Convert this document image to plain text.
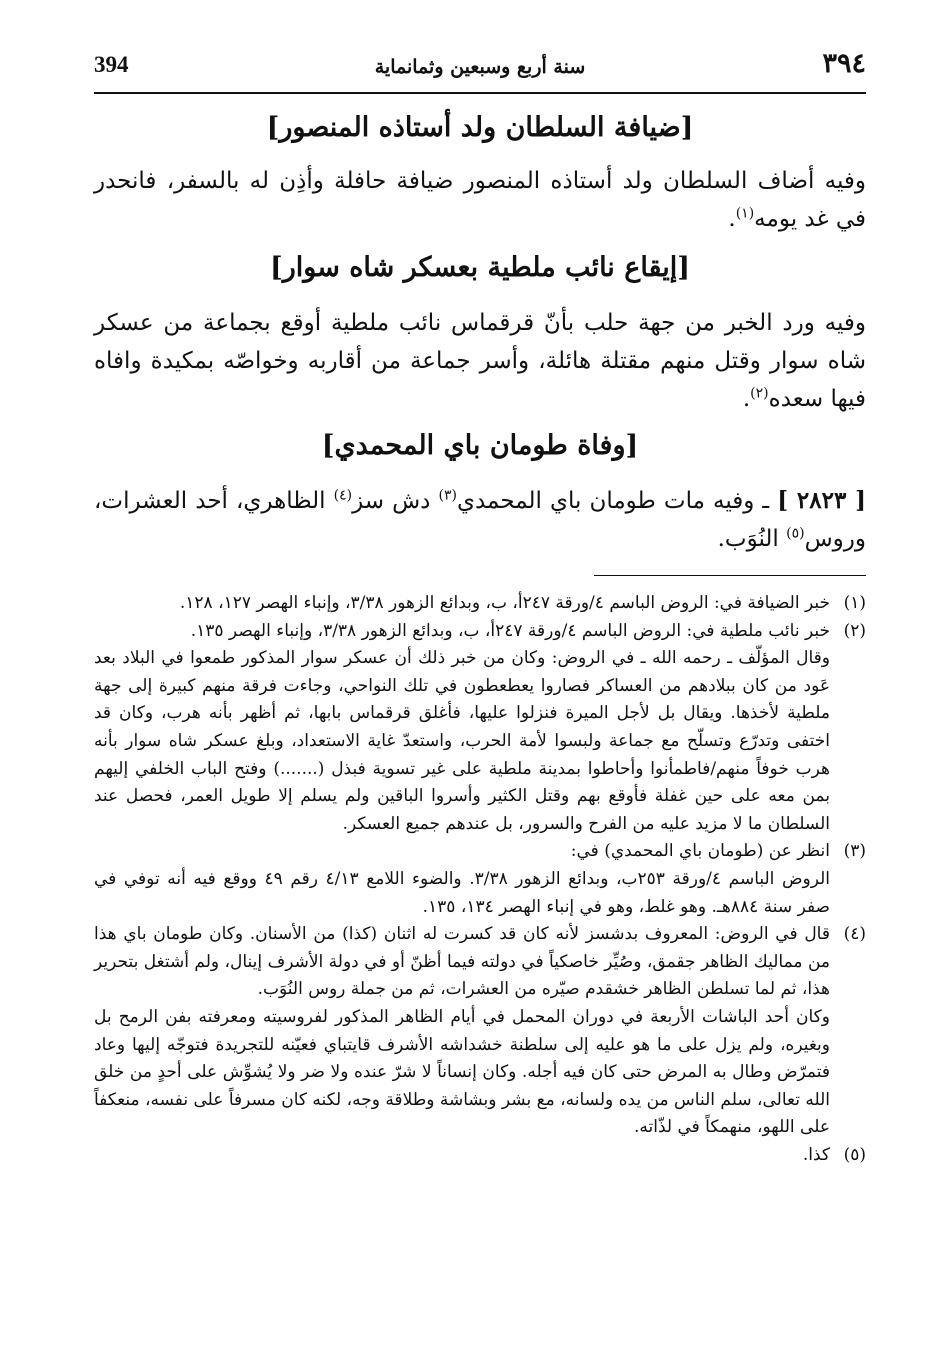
394	سنة أربع وسبعين وثمانماية	٣٩٤
[ضيافة السلطان ولد أستاذه المنصور]

وفيه أضاف السلطان ولد أستاذه المنصور ضيافة حافلة وأذِن له بالسفر، فانحدر في غد يومه$^{(١)}$.

[إيقاع نائب ملطية بعسكر شاه سوار]

وفيه ورد الخبر من جهة حلب بأنّ قرقماس نائب ملطية أوقع بجماعة من عسكر شاه سوار وقتل منهم مقتلة هائلة، وأسر جماعة من أقاربه وخواصّه بمكيدة وافاه فيها سعده$^{(٢)}$.

[وفاة طومان باي المحمدي]

[ ٢٨٢٣ ] ـ وفيه مات طومان باي المحمدي$^{(٣)}$ دش سز$^{(٤)}$ الظاهري، أحد العشرات، وروس$^{(٥)}$ النُوَب.

(١)

خبر الضيافة في: الروض الباسم ٤/ورقة ٢٤٧أ، ب، وبدائع الزهور ٣/٣٨، وإنباء الهصر ١٢٧، ١٢٨.

(٢)

خبر نائب ملطية في: الروض الباسم ٤/ورقة ٢٤٧أ، ب، وبدائع الزهور ٣/٣٨، وإنباء الهصر ١٣٥.

وقال المؤلّف ـ رحمه الله ـ في الروض: وكان من خبر ذلك أن عسكر سوار المذكور طمعوا في البلاد بعد عَود من كان ببلادهم من العساكر فصاروا يعطعطون في تلك النواحي، وجاءت فرقة منهم كبيرة إلى جهة ملطية لأخذها. ويقال بل لأجل الميرة فنزلوا عليها، فأغلق قرقماس بابها، ثم أظهر بأنه هرب، وكان قد اختفى وتدرّع وتسلّح مع جماعة ولبسوا لأمة الحرب، واستعدّ غاية الاستعداد، وبلغ عسكر شاه سوار بأنه هرب خوفاً منهم/فاطمأنوا وأحاطوا بمدينة ملطية على غير تسوية فبذل (.......) وفتح الباب الخلفي إليهم بمن معه على حين غفلة فأوقع بهم وقتل الكثير وأسروا الباقين ولم يسلم إلا طويل العمر، فحصل عند السلطان ما لا مزيد عليه من الفرح والسرور، بل عندهم جميع العسكر.

(٣)

انظر عن (طومان باي المحمدي) في:

الروض الباسم ٤/ورقة ٢٥٣ب، وبدائع الزهور ٣/٣٨. والضوء اللامع ٤/١٣ رقم ٤٩ ووقع فيه أنه توفي في صفر سنة ٨٨٤هـ. وهو غلط، وهو في إنباء الهصر ١٣٤، ١٣٥.

(٤)

قال في الروض: المعروف بدشسز لأنه كان قد كسرت له اثنان (كذا) من الأسنان. وكان طومان باي هذا من مماليك الظاهر جقمق، وصُيِّر خاصكياً في دولته فيما أظنّ أو في دولة الأشرف إينال، ولم أشتغل بتحرير هذا، ثم لما تسلطن الظاهر خشقدم صيّره من العشرات، ثم من جملة روس النُوَب.

وكان أحد الباشات الأربعة في دوران المحمل في أيام الظاهر المذكور لفروسيته ومعرفته بفن الرمح بل وبغيره، ولم يزل على ما هو عليه إلى سلطنة خشداشه الأشرف قايتباي فعيّنه للتجريدة فتوجّه إليها وعاد فتمرّض وطال به المرض حتى كان فيه أجله. وكان إنساناً لا شرّ عنده ولا ضر ولا يُشوِّش على أحدٍ من خلق الله تعالى، سلم الناس من يده ولسانه، مع بشر وبشاشة وطلاقة وجه، لكنه كان مسرفاً على نفسه، منعكفاً على اللهو، منهمكاً في لذّاته.

(٥)

كذا.
